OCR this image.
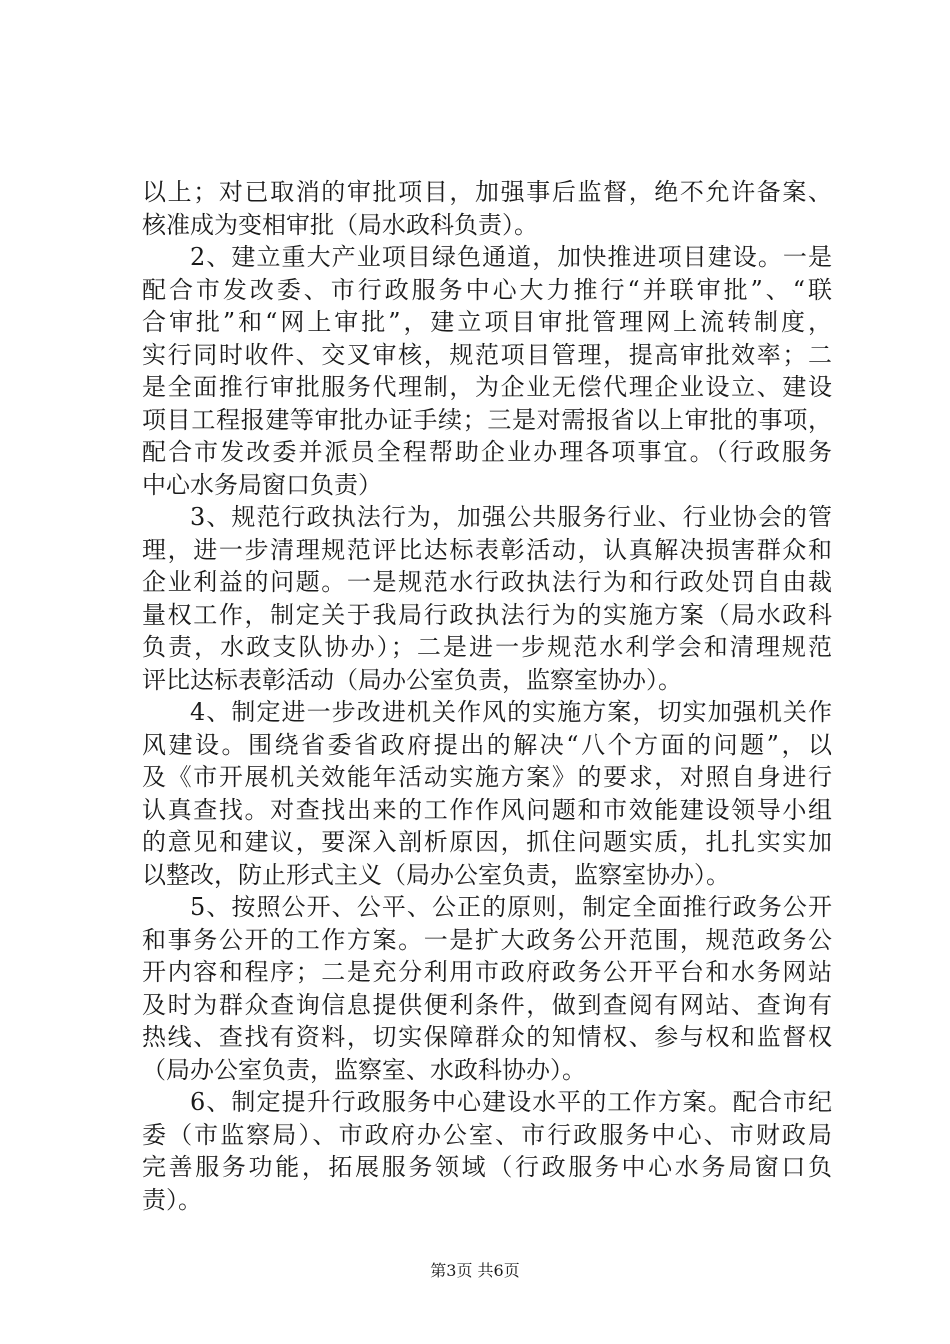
以上；对已取消的审批项目，加强事后监督，绝不允许备案、
核准成为变相审批（局水政科负责）。
2、建立重大产业项目绿色通道，加快推进项目建设。一是
配合市发改委、市行政服务中心大力推行“并联审批”、“联
合审批”和“网上审批”，建立项目审批管理网上流转制度，
实行同时收件、交叉审核，规范项目管理，提高审批效率；二
是全面推行审批服务代理制，为企业无偿代理企业设立、建设
项目工程报建等审批办证手续；三是对需报省以上审批的事项，
配合市发改委并派员全程帮助企业办理各项事宜。（行政服务
中心水务局窗口负责）
3、规范行政执法行为，加强公共服务行业、行业协会的管
理，进一步清理规范评比达标表彰活动，认真解决损害群众和
企业利益的问题。一是规范水行政执法行为和行政处罚自由裁
量权工作，制定关于我局行政执法行为的实施方案（局水政科
负责，水政支队协办）；二是进一步规范水利学会和清理规范
评比达标表彰活动（局办公室负责，监察室协办）。
4、制定进一步改进机关作风的实施方案，切实加强机关作
风建设。围绕省委省政府提出的解决“八个方面的问题”，以
及《市开展机关效能年活动实施方案》的要求，对照自身进行
认真查找。对查找出来的工作作风问题和市效能建设领导小组
的意见和建议，要深入剖析原因，抓住问题实质，扎扎实实加
以整改，防止形式主义（局办公室负责，监察室协办）。
5、按照公开、公平、公正的原则，制定全面推行政务公开
和事务公开的工作方案。一是扩大政务公开范围，规范政务公
开内容和程序；二是充分利用市政府政务公开平台和水务网站
及时为群众查询信息提供便利条件，做到查阅有网站、查询有
热线、查找有资料，切实保障群众的知情权、参与权和监督权
（局办公室负责，监察室、水政科协办）。
6、制定提升行政服务中心建设水平的工作方案。配合市纪
委（市监察局）、市政府办公室、市行政服务中心、市财政局
完善服务功能，拓展服务领域（行政服务中心水务局窗口负
责）。
第3页 共6页
